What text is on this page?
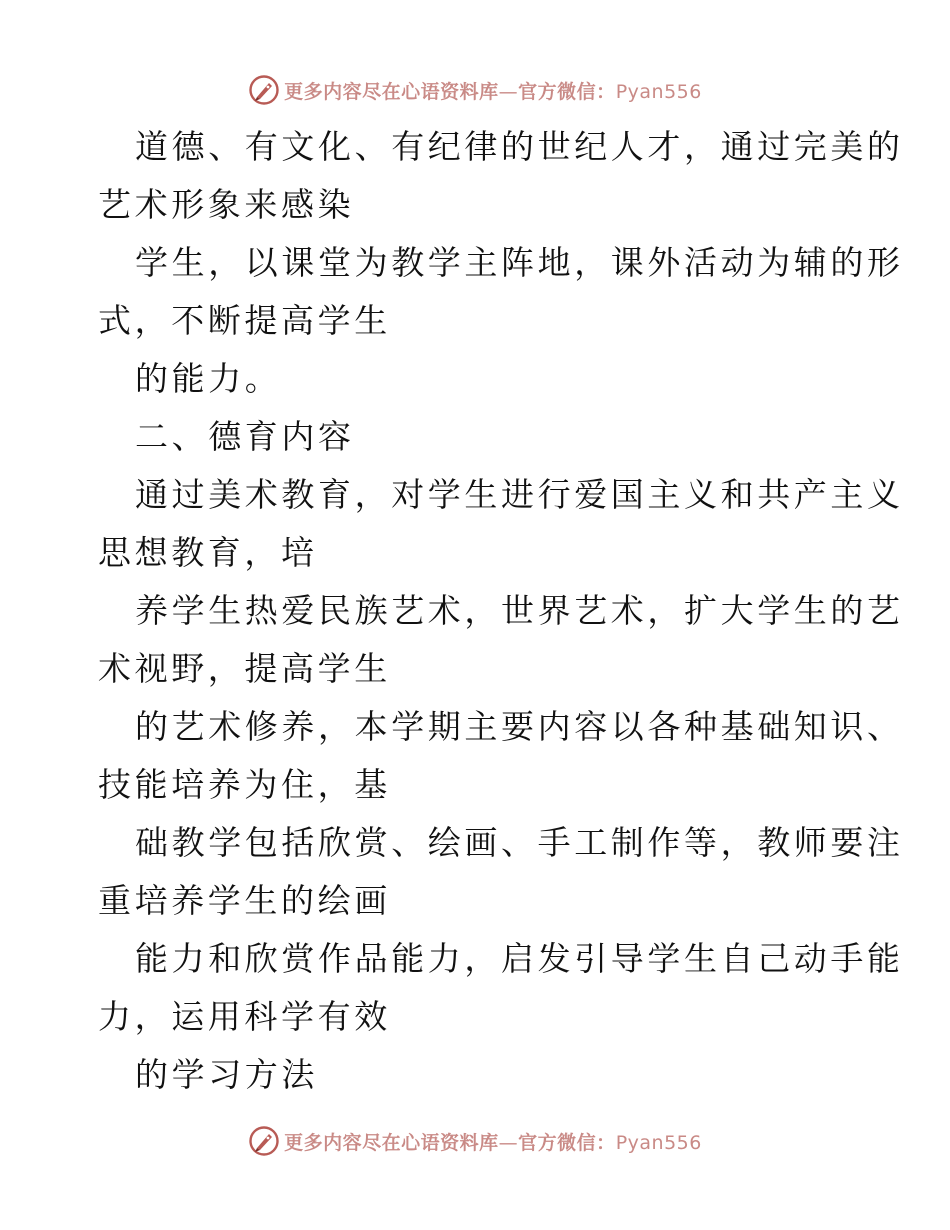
更多内容尽在心语资料库—官方微信：Pyan556
道德、有文化、有纪律的世纪人才，通过完美的
艺术形象来感染
学生，以课堂为教学主阵地，课外活动为辅的形
式，不断提高学生
的能力。
二、德育内容
通过美术教育，对学生进行爱国主义和共产主义
思想教育，培
养学生热爱民族艺术，世界艺术，扩大学生的艺
术视野，提高学生
的艺术修养，本学期主要内容以各种基础知识、
技能培养为住，基
础教学包括欣赏、绘画、手工制作等，教师要注
重培养学生的绘画
能力和欣赏作品能力，启发引导学生自己动手能
力，运用科学有效
的学习方法
更多内容尽在心语资料库—官方微信：Pyan556
